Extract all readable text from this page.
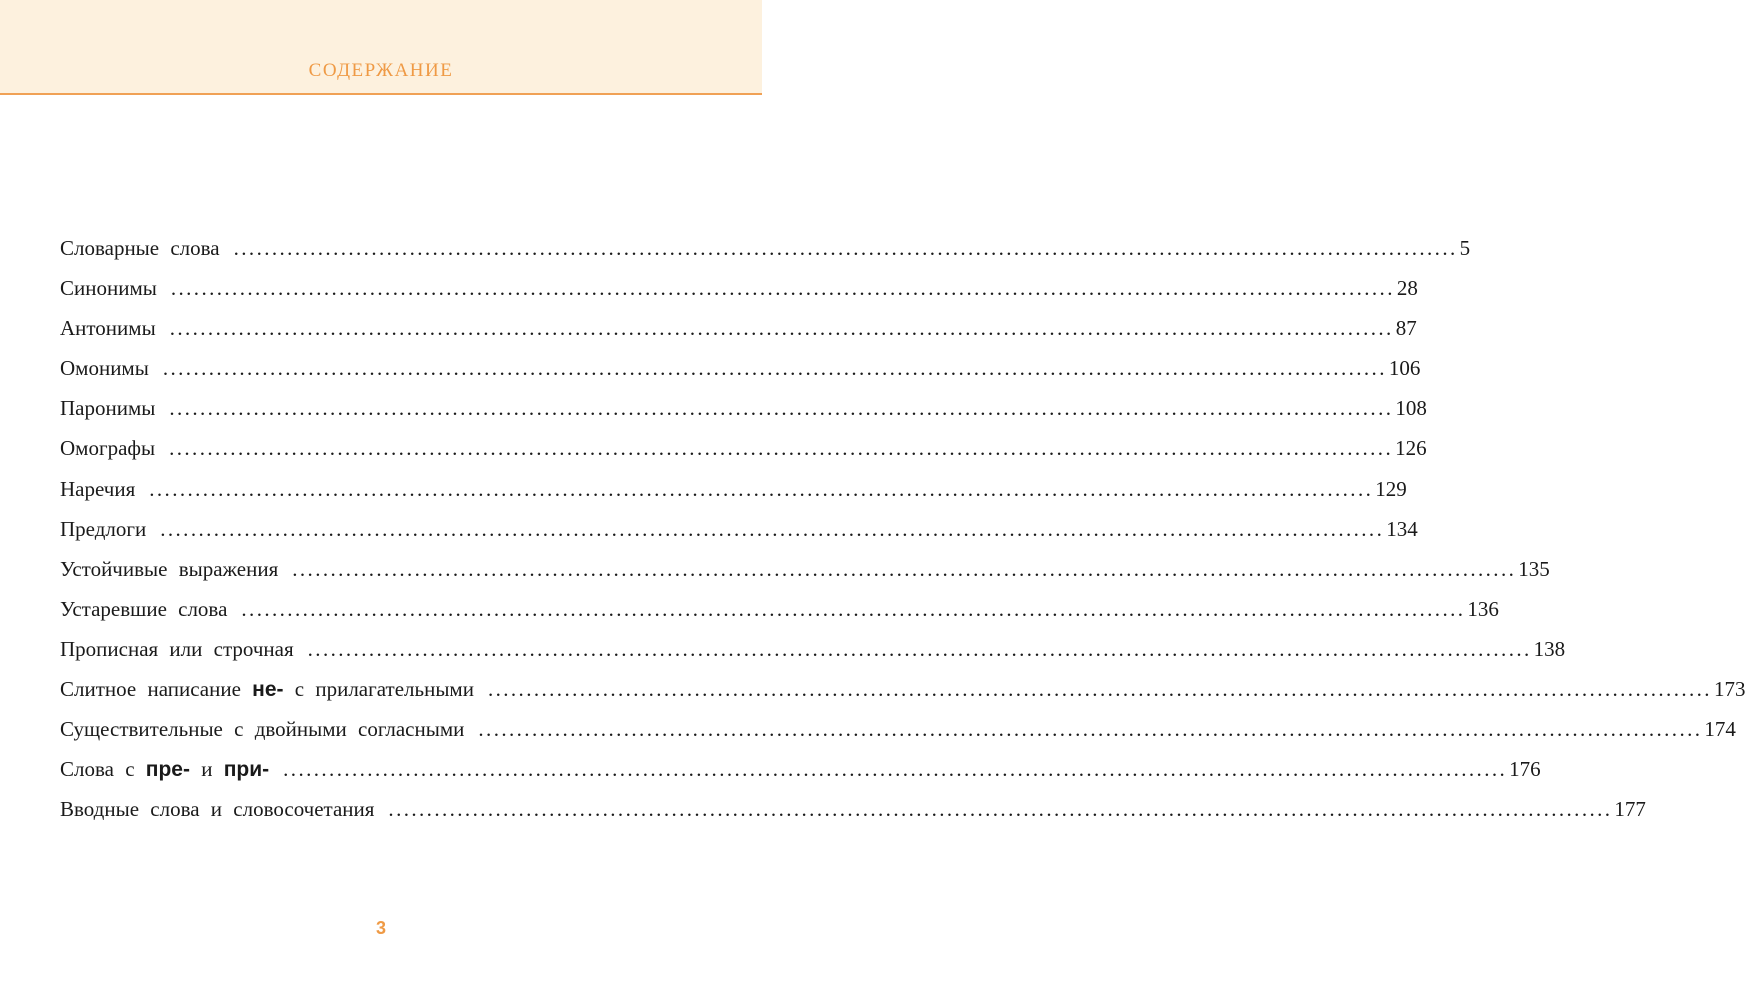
СОДЕРЖАНИЕ
Словарные слова ................................................................................................................................................................ 5
Синонимы ................................................................................................................................................................ 28
Антонимы ................................................................................................................................................................ 87
Омонимы ................................................................................................................................................................ 106
Паронимы ................................................................................................................................................................ 108
Омографы ................................................................................................................................................................ 126
Наречия ................................................................................................................................................................ 129
Предлоги ................................................................................................................................................................ 134
Устойчивые выражения ................................................................................................................................................................ 135
Устаревшие слова ................................................................................................................................................................ 136
Прописная или строчная ................................................................................................................................................................ 138
Слитное написание не- с прилагательными ................................................................................................................................................................ 173
Существительные с двойными согласными ................................................................................................................................................................ 174
Слова с пре- и при- ................................................................................................................................................................ 176
Вводные слова и словосочетания ................................................................................................................................................................ 177
3
